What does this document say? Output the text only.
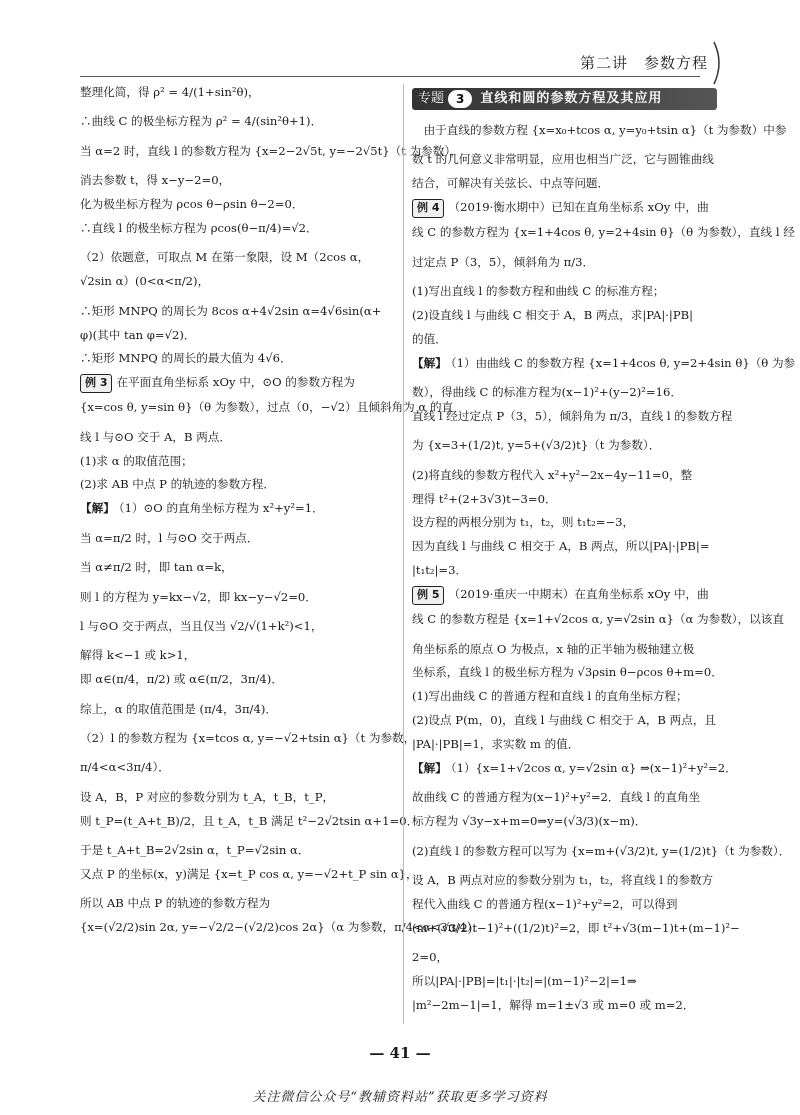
第二讲　参数方程
整理化简，得 ρ² = 4/(1+sin²θ)，
∴曲线 C 的极坐标方程为 ρ² = 4/(sin²θ+1)．
当 α=2 时，直线 l 的参数方程为 {x=2−2√5t, y=−2√5t}（t 为参数），
消去参数 t，得 x−y−2=0，
化为极坐标方程为 ρcos θ−ρsin θ−2=0．
∴直线 l 的极坐标方程为 ρcos(θ−π/4)=√2．
（2）依题意，可取点 M 在第一象限，设 M（2cos α，
√2sin α）(0<α<π/2)，
∴矩形 MNPQ 的周长为 8cos α+4√2sin α=4√6sin(α+
φ)(其中 tan φ=√2)．
∴矩形 MNPQ 的周长的最大值为 4√6．
例 3 在平面直角坐标系 xOy 中，⊙O 的参数方程为
{x=cos θ, y=sin θ}（θ 为参数），过点（0，−√2）且倾斜角为 α 的直
线 l 与⊙O 交于 A，B 两点．
(1)求 α 的取值范围；
(2)求 AB 中点 P 的轨迹的参数方程．
【解】 （1）⊙O 的直角坐标方程为 x²+y²=1．
当 α=π/2 时，l 与⊙O 交于两点．
当 α≠π/2 时，即 tan α=k，
则 l 的方程为 y=kx−√2，即 kx−y−√2=0．
l 与⊙O 交于两点，当且仅当 √2/√(1+k²)<1，
解得 k<−1 或 k>1，
即 α∈(π/4，π/2) 或 α∈(π/2，3π/4)．
综上，α 的取值范围是 (π/4，3π/4)．
（2）l 的参数方程为 {x=tcos α, y=−√2+tsin α}（t 为参数，
π/4<α<3π/4）．
设 A，B，P 对应的参数分别为 t_A，t_B，t_P，
则 t_P=(t_A+t_B)/2，且 t_A，t_B 满足 t²−2√2tsin α+1=0．
于是 t_A+t_B=2√2sin α，t_P=√2sin α．
又点 P 的坐标(x，y)满足 {x=t_P cos α, y=−√2+t_P sin α}，
所以 AB 中点 P 的轨迹的参数方程为
{x=(√2/2)sin 2α, y=−√2/2−(√2/2)cos 2α}（α 为参数，π/4<α<3π/4）．
专题	3	直线和圆的参数方程及其应用
　由于直线的参数方程 {x=x₀+tcos α, y=y₀+tsin α}（t 为参数）中参
数 t 的几何意义非常明显，应用也相当广泛，它与圆锥曲线
结合，可解决有关弦长、中点等问题．
例 4 （2019·衡水期中）已知在直角坐标系 xOy 中，曲
线 C 的参数方程为 {x=1+4cos θ, y=2+4sin θ}（θ 为参数），直线 l 经
过定点 P（3，5），倾斜角为 π/3．
(1)写出直线 l 的参数方程和曲线 C 的标准方程；
(2)设直线 l 与曲线 C 相交于 A，B 两点，求|PA|·|PB|
的值．
【解】 （1）由曲线 C 的参数方程 {x=1+4cos θ, y=2+4sin θ}（θ 为参
数），得曲线 C 的标准方程为(x−1)²+(y−2)²=16．
直线 l 经过定点 P（3，5），倾斜角为 π/3，直线 l 的参数方程
为 {x=3+(1/2)t, y=5+(√3/2)t}（t 为参数）．
(2)将直线的参数方程代入 x²+y²−2x−4y−11=0，整
理得 t²+(2+3√3)t−3=0．
设方程的两根分别为 t₁，t₂，则 t₁t₂=−3，
因为直线 l 与曲线 C 相交于 A，B 两点，所以|PA|·|PB|=
|t₁t₂|=3．
例 5 （2019·重庆一中期末）在直角坐标系 xOy 中，曲
线 C 的参数方程是 {x=1+√2cos α, y=√2sin α}（α 为参数），以该直
角坐标系的原点 O 为极点，x 轴的正半轴为极轴建立极
坐标系，直线 l 的极坐标方程为 √3ρsin θ−ρcos θ+m=0．
(1)写出曲线 C 的普通方程和直线 l 的直角坐标方程；
(2)设点 P(m，0)，直线 l 与曲线 C 相交于 A，B 两点，且
|PA|·|PB|=1，求实数 m 的值．
【解】 （1）{x=1+√2cos α, y=√2sin α} ⇒(x−1)²+y²=2．
故曲线 C 的普通方程为(x−1)²+y²=2．直线 l 的直角坐
标方程为 √3y−x+m=0⇒y=(√3/3)(x−m)．
(2)直线 l 的参数方程可以写为 {x=m+(√3/2)t, y=(1/2)t}（t 为参数）．
设 A，B 两点对应的参数分别为 t₁，t₂，将直线 l 的参数方
程代入曲线 C 的普通方程(x−1)²+y²=2，可以得到
(m+(√3/2)t−1)²+((1/2)t)²=2，即 t²+√3(m−1)t+(m−1)²−
2=0，
所以|PA|·|PB|=|t₁|·|t₂|=|(m−1)²−2|=1⇒
|m²−2m−1|=1，解得 m=1±√3 或 m=0 或 m=2．
— 41 —
关注微信公众号“教辅资料站”获取更多学习资料
